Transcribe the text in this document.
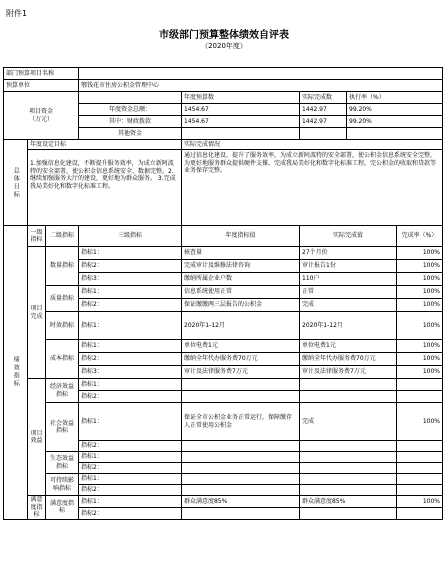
附件1
市级部门预算整体绩效自评表
（2020年度）
部门预算项目名称							
预算单位			鄂钱花市住房公积金管理中心				
项目资金
（万元）				年度预算数	实际完成数	执行率（%）	
			年度资金总额：	1454.67	1442.97	99.20%	
			其中：财政拨款	1454.67	1442.97	99.20%	
			其他资金				

总体目标	年度设定目标			实际完成情况			
	1.加强信息化建设，不断提升服务效率，为成立新阿波特的安全部署，使公积金信息系统安全、数据完整。2.继续加强服务大厅的建设，更好地为群众服务。 3.完成我局美好化和数字化标准工程。			通过信息化建设，提升了服务效率，为成立新阿波特的安全部署，使公积金信息系统安全完整，为更好地服务群众提供硬件支撑，完成我局美好化和数字化标准工程，完公积金的收取和贷款等业务保存完整。			

绩效指标	一级指标	二级指标	三级指标	年度指标值	实际完成值		完成率（%）
	项目完成	数量指标	指标1：	核查量	27个月价		100%
			指标2：	完成审计及维修法律咨询	审计报告1份		100%
			指标3：	缴纳所属企业户数	110户		100%
		质量指标	指标1：	信息系统使用正常	正常		100%
			指标2：	保证缴缴两三层报告的公积金	完成		100%
		时效指标	指标1：	2020年1-12月	2020年1-12月		100%
		成本指标	指标1：	单位电费1元	单位电费1元		100%
			指标2：	缴纳全年代办服务费70万元	缴纳全年代办服务费70万元		100%
			指标3：	审计及法律服务费7万元	审计及法律服务费7万元		100%
	项目效益	经济效益指标	指标1：				
			指标2：				
		社会效益指标	指标1：	保证全市公积金业务正常运行，保障缴存人正常使用公积金	完成		100%
			指标2：				
		生态效益指标	指标1：				
			指标2：				
		可持续影响指标	指标1：				
			指标2：				
	满意度指标	满意度指标	指标1：	群众满意度85%	群众满意度85%		100%
			指标2：				
